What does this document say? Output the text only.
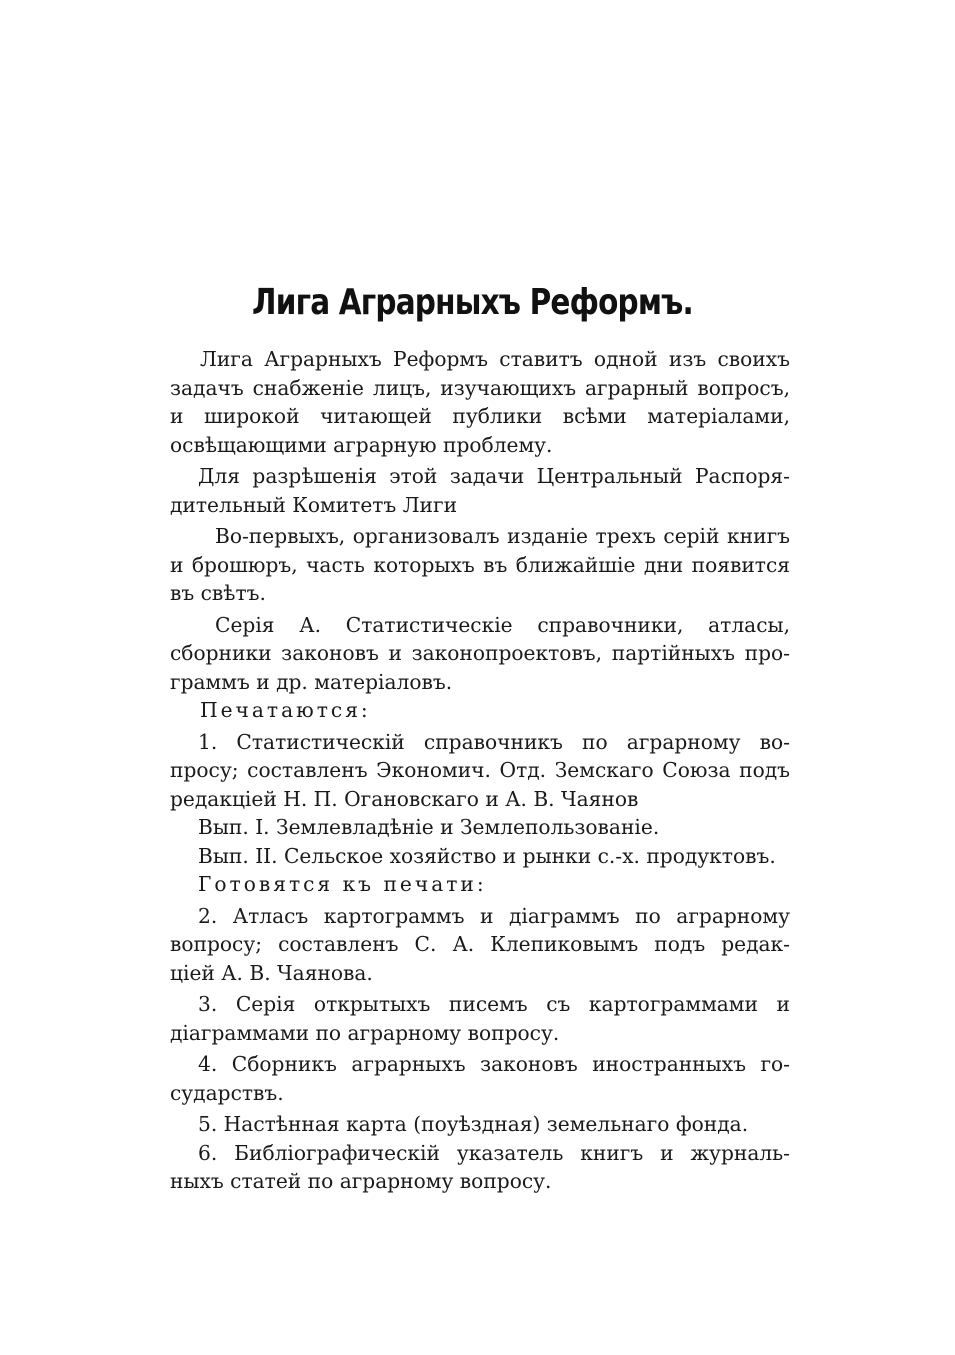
Лига Аграрныхъ Реформъ.
Лига Аграрныхъ Реформъ ставитъ одной изъ своихъ
задачъ снабженіе лицъ, изучающихъ аграрный вопросъ,
и широкой читающей публики всѣми матеріалами,
освѣщающими аграрную проблему.
Для разрѣшенія этой задачи Центральный Распоря-
дительный Комитетъ Лиги
Во-первыхъ, организовалъ изданіе трехъ серій книгъ
и брошюръ, часть которыхъ въ ближайшіе дни появится
въ свѣтъ.
Серія А. Статистическіе справочники, атласы,
сборники законовъ и законопроектовъ, партійныхъ про-
граммъ и др. матеріаловъ.
Печатаются:
1. Статистическій справочникъ по аграрному во-
просу; составленъ Экономич. Отд. Земскаго Союза подъ
редакціей Н. П. Огановскаго и А. В. Чаянов
Вып. I. Землевладѣніе и Землепользованіе.
Вып. II. Сельское хозяйство и рынки с.-х. продуктовъ.
Готовятся къ печати:
2. Атласъ картограммъ и діаграммъ по аграрному
вопросу; составленъ С. А. Клепиковымъ подъ редак-
ціей А. В. Чаянова.
3. Серія открытыхъ писемъ съ картограммами и
діаграммами по аграрному вопросу.
4. Сборникъ аграрныхъ законовъ иностранныхъ го-
сударствъ.
5. Настѣнная карта (поуѣздная) земельнаго фонда.
6. Библіографическій указатель книгъ и журналь-
ныхъ статей по аграрному вопросу.
